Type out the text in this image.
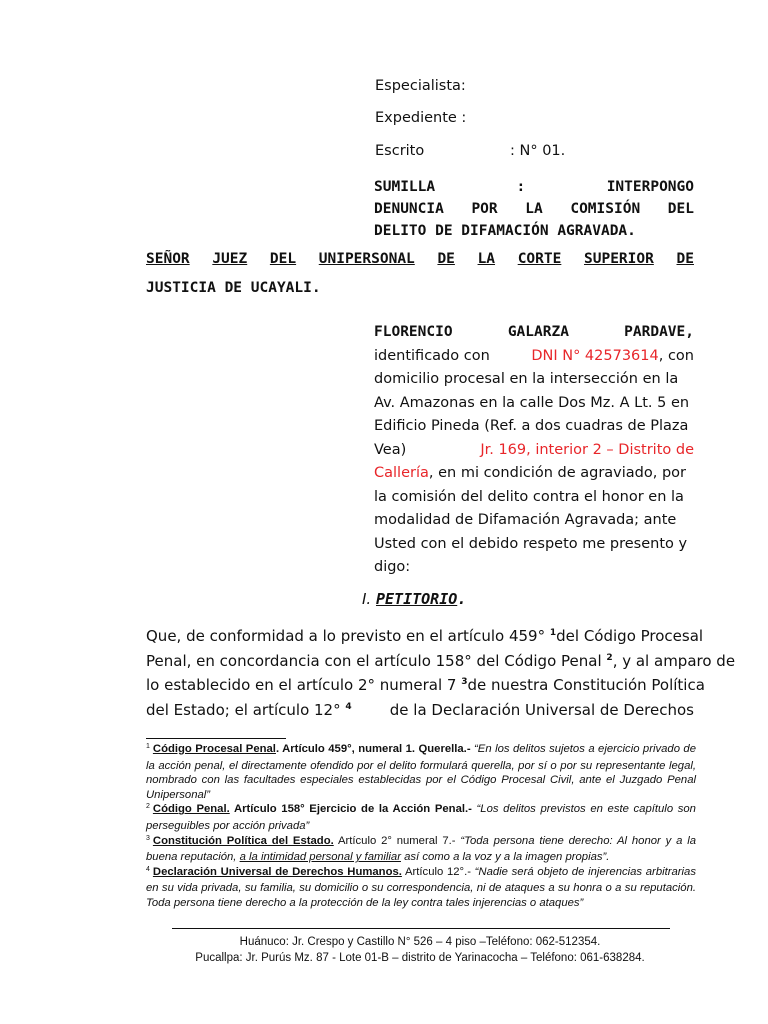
Especialista:
Expediente :
Escrito	: N° 01.
SUMILLA	:	INTERPONGO
DENUNCIA POR LA COMISIÓN DEL
DELITO DE DIFAMACIÓN AGRAVADA.
SEÑOR JUEZ DEL UNIPERSONAL DE LA CORTE SUPERIOR DE
JUSTICIA DE UCAYALI.
FLORENCIO	GALARZA	PARDAVE,
identificado con	DNI N° 42573614, con
domicilio procesal en la intersección en la
Av. Amazonas en la calle Dos Mz. A Lt. 5 en
Edificio Pineda (Ref. a dos cuadras de Plaza
Vea)	Jr. 169, interior 2 – Distrito de
Callería, en mi condición de agraviado, por
la comisión del delito contra el honor en la
modalidad de Difamación Agravada; ante
Usted con el debido respeto me presento y
digo:
I. PETITORIO.
Que, de conformidad a lo previsto en el artículo 459° $^1$ del Código Procesal
Penal, en concordancia con el artículo 158° del Código Penal $^2$ , y al amparo de
lo establecido en el artículo 2° numeral 7 $^3$ de nuestra Constitución Política
del Estado; el artículo 12° $^4$	de la Declaración Universal de Derechos

$^1$ Código Procesal Penal. Artículo 459°, numeral 1. Querella.- “En los delitos sujetos a ejercicio privado de la acción penal, el directamente ofendido por el delito formulará querella, por sí o por su representante legal, nombrado con las facultades especiales establecidas por el Código Procesal Civil, ante el Juzgado Penal Unipersonal”

$^2$ Código Penal. Artículo 158° Ejercicio de la Acción Penal.- “Los delitos previstos en este capítulo son perseguibles por acción privada”

$^3$ Constitución Política del Estado. Artículo 2° numeral 7.- “Toda persona tiene derecho: Al honor y a la buena reputación, a la intimidad personal y familiar así como a la voz y a la imagen propias”.

$^4$ Declaración Universal de Derechos Humanos. Artículo 12°.- “Nadie será objeto de injerencias arbitrarias en su vida privada, su familia, su domicilio o su correspondencia, ni de ataques a su honra o a su reputación. Toda persona tiene derecho a la protección de la ley contra tales injerencias o ataques”

Huánuco: Jr. Crespo y Castillo N° 526 – 4 piso –Teléfono: 062-512354.
Pucallpa: Jr. Purús Mz. 87 - Lote 01-B – distrito de Yarinacocha – Teléfono: 061-638284.
